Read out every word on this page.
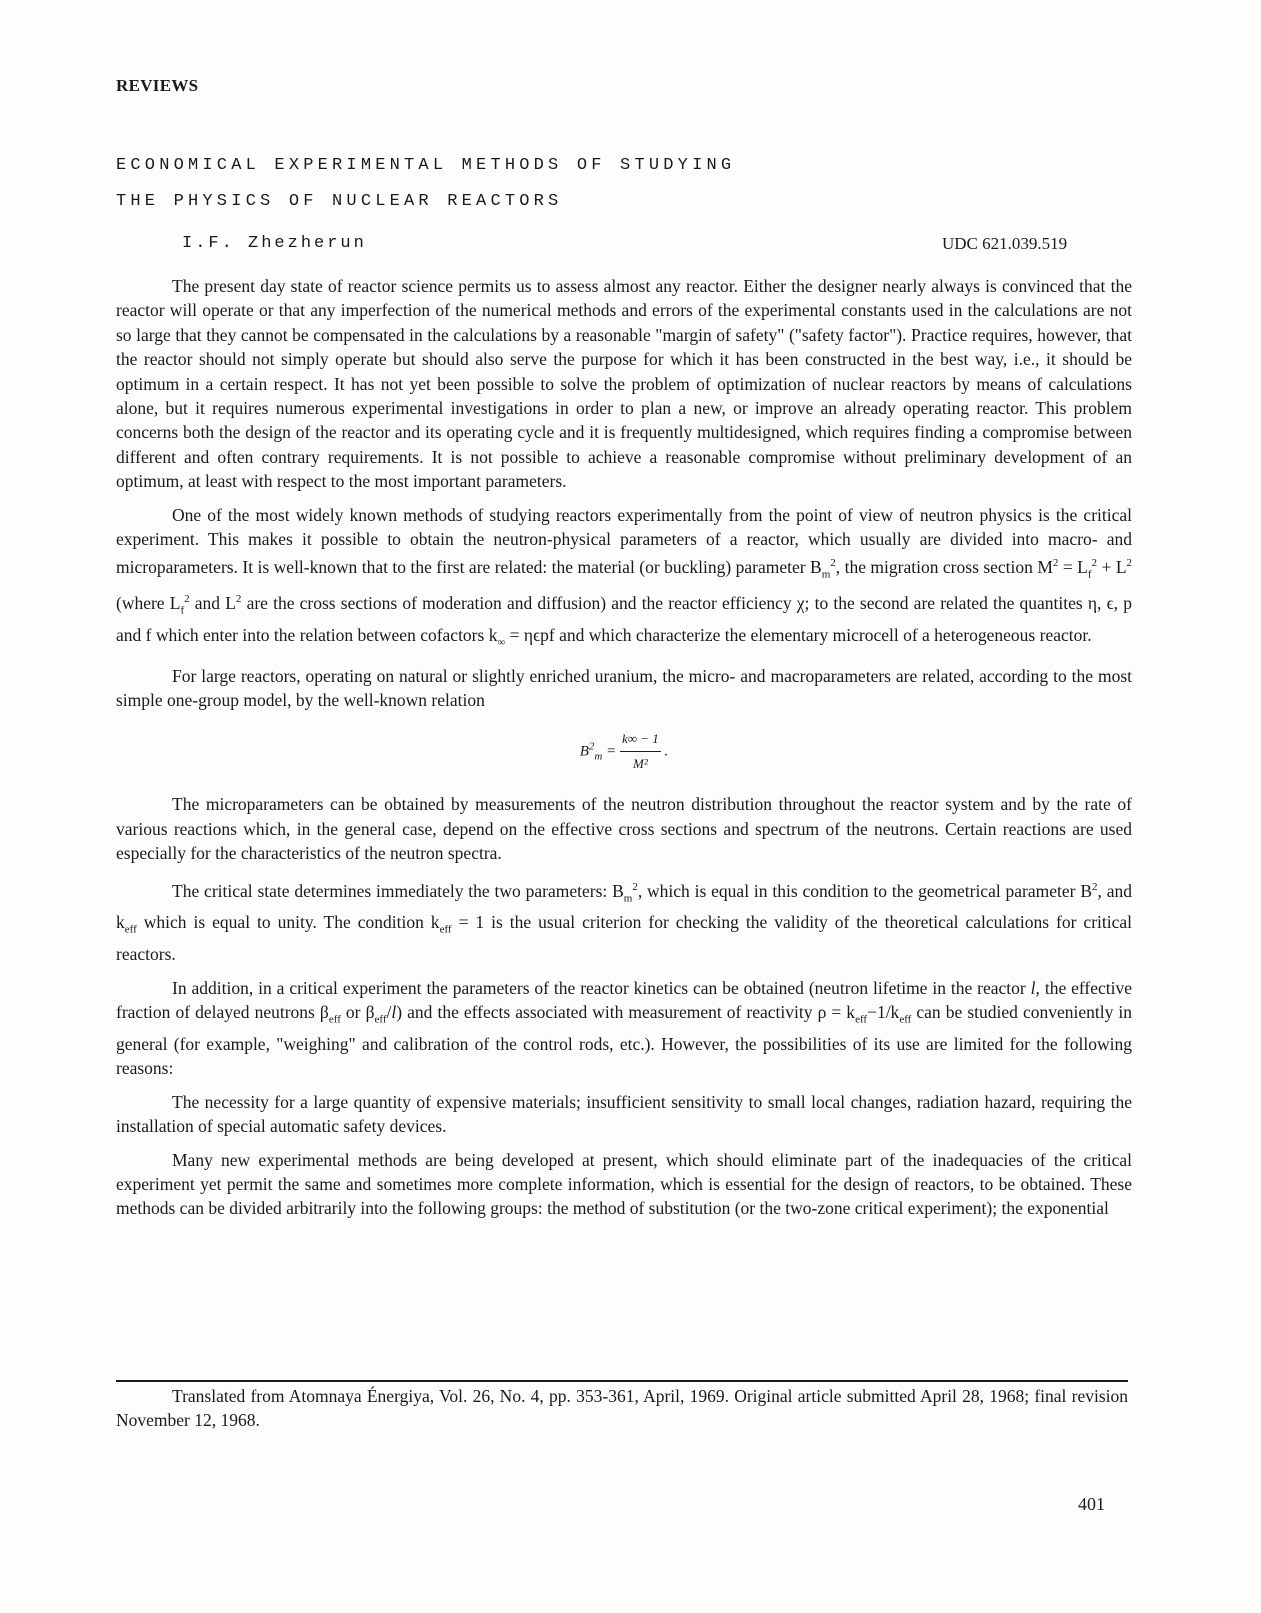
REVIEWS
ECONOMICAL EXPERIMENTAL METHODS OF STUDYING
THE PHYSICS OF NUCLEAR REACTORS
I.F. Zhezherun	UDC 621.039.519

The present day state of reactor science permits us to assess almost any reactor. Either the designer nearly always is convinced that the reactor will operate or that any imperfection of the numerical methods and errors of the experimental constants used in the calculations are not so large that they cannot be compensated in the calculations by a reasonable "margin of safety" ("safety factor"). Practice requires, however, that the reactor should not simply operate but should also serve the purpose for which it has been constructed in the best way, i.e., it should be optimum in a certain respect. It has not yet been possible to solve the problem of optimization of nuclear reactors by means of calculations alone, but it requires numerous experimental investigations in order to plan a new, or improve an already operating reactor. This problem concerns both the design of the reactor and its operating cycle and it is frequently multidesigned, which requires finding a compromise between different and often contrary requirements. It is not possible to achieve a reasonable compromise without preliminary development of an optimum, at least with respect to the most important parameters.

One of the most widely known methods of studying reactors experimentally from the point of view of neutron physics is the critical experiment. This makes it possible to obtain the neutron-physical parameters of a reactor, which usually are divided into macro- and microparameters. It is well-known that to the first are related: the material (or buckling) parameter $B_m^2$, the migration cross section $M^2 = L_f^2 + L^2$ (where $L_f^2$ and $L^2$ are the cross sections of moderation and diffusion) and the reactor efficiency χ; to the second are related the quantites η, ϵ, p and f which enter into the relation between cofactors $k_\infty = \eta\epsilon pf$ and which characterize the elementary microcell of a heterogeneous reactor.

For large reactors, operating on natural or slightly enriched uranium, the micro- and macroparameters are related, according to the most simple one-group model, by the well-known relation

$B^2_m = \frac{k\infty - 1}{\text{M²}}$ .

The microparameters can be obtained by measurements of the neutron distribution throughout the reactor system and by the rate of various reactions which, in the general case, depend on the effective cross sections and spectrum of the neutrons. Certain reactions are used especially for the characteristics of the neutron spectra.

The critical state determines immediately the two parameters: $B_m^2$, which is equal in this condition to the geometrical parameter $B^2$, and $k_{eff}$ which is equal to unity. The condition $k_{eff} = 1$ is the usual criterion for checking the validity of the theoretical calculations for critical reactors.

In addition, in a critical experiment the parameters of the reactor kinetics can be obtained (neutron lifetime in the reactor l, the effective fraction of delayed neutrons $\beta_{eff}$ or $\beta_{eff}/l$) and the effects associated with measurement of reactivity $\rho = k_{eff}-1/k_{eff}$ can be studied conveniently in general (for example, "weighing" and calibration of the control rods, etc.). However, the possibilities of its use are limited for the following reasons:

The necessity for a large quantity of expensive materials; insufficient sensitivity to small local changes, radiation hazard, requiring the installation of special automatic safety devices.

Many new experimental methods are being developed at present, which should eliminate part of the inadequacies of the critical experiment yet permit the same and sometimes more complete information, which is essential for the design of reactors, to be obtained. These methods can be divided arbitrarily into the following groups: the method of substitution (or the two-zone critical experiment); the exponential

Translated from Atomnaya Énergiya, Vol. 26, No. 4, pp. 353-361, April, 1969. Original article submitted April 28, 1968; final revision November 12, 1968.
401
